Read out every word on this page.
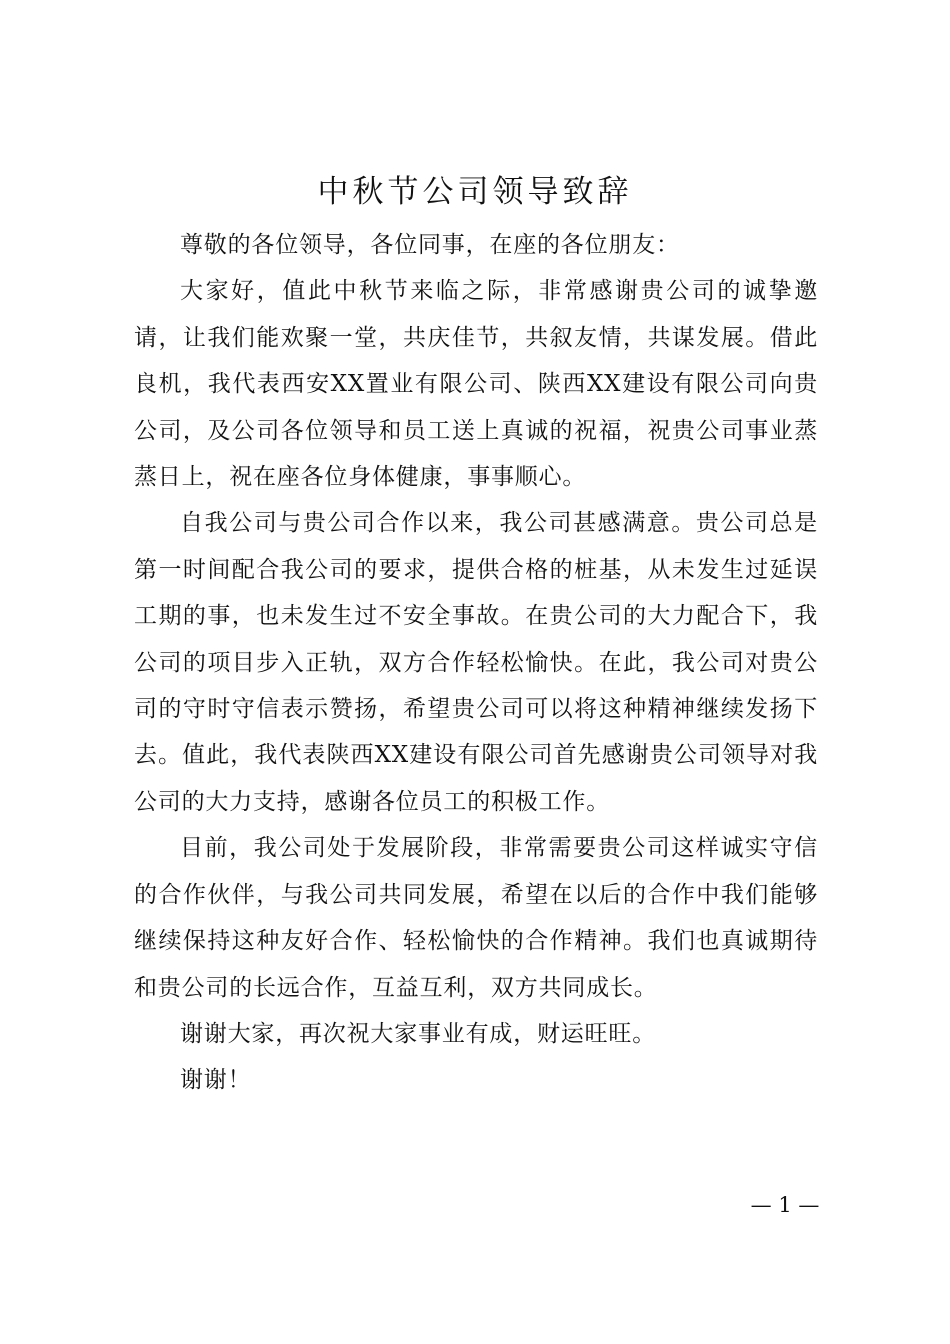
中秋节公司领导致辞

尊敬的各位领导，各位同事，在座的各位朋友：

大家好，值此中秋节来临之际，非常感谢贵公司的诚挚邀请，让我们能欢聚一堂，共庆佳节，共叙友情，共谋发展。借此良机，我代表西安XX置业有限公司、陕西XX建设有限公司向贵公司，及公司各位领导和员工送上真诚的祝福，祝贵公司事业蒸蒸日上，祝在座各位身体健康，事事顺心。

自我公司与贵公司合作以来，我公司甚感满意。贵公司总是第一时间配合我公司的要求，提供合格的桩基，从未发生过延误工期的事，也未发生过不安全事故。在贵公司的大力配合下，我公司的项目步入正轨，双方合作轻松愉快。在此，我公司对贵公司的守时守信表示赞扬，希望贵公司可以将这种精神继续发扬下去。值此，我代表陕西XX建设有限公司首先感谢贵公司领导对我公司的大力支持，感谢各位员工的积极工作。

目前，我公司处于发展阶段，非常需要贵公司这样诚实守信的合作伙伴，与我公司共同发展，希望在以后的合作中我们能够继续保持这种友好合作、轻松愉快的合作精神。我们也真诚期待和贵公司的长远合作，互益互利，双方共同成长。

谢谢大家，再次祝大家事业有成，财运旺旺。

谢谢！

— 1 —
